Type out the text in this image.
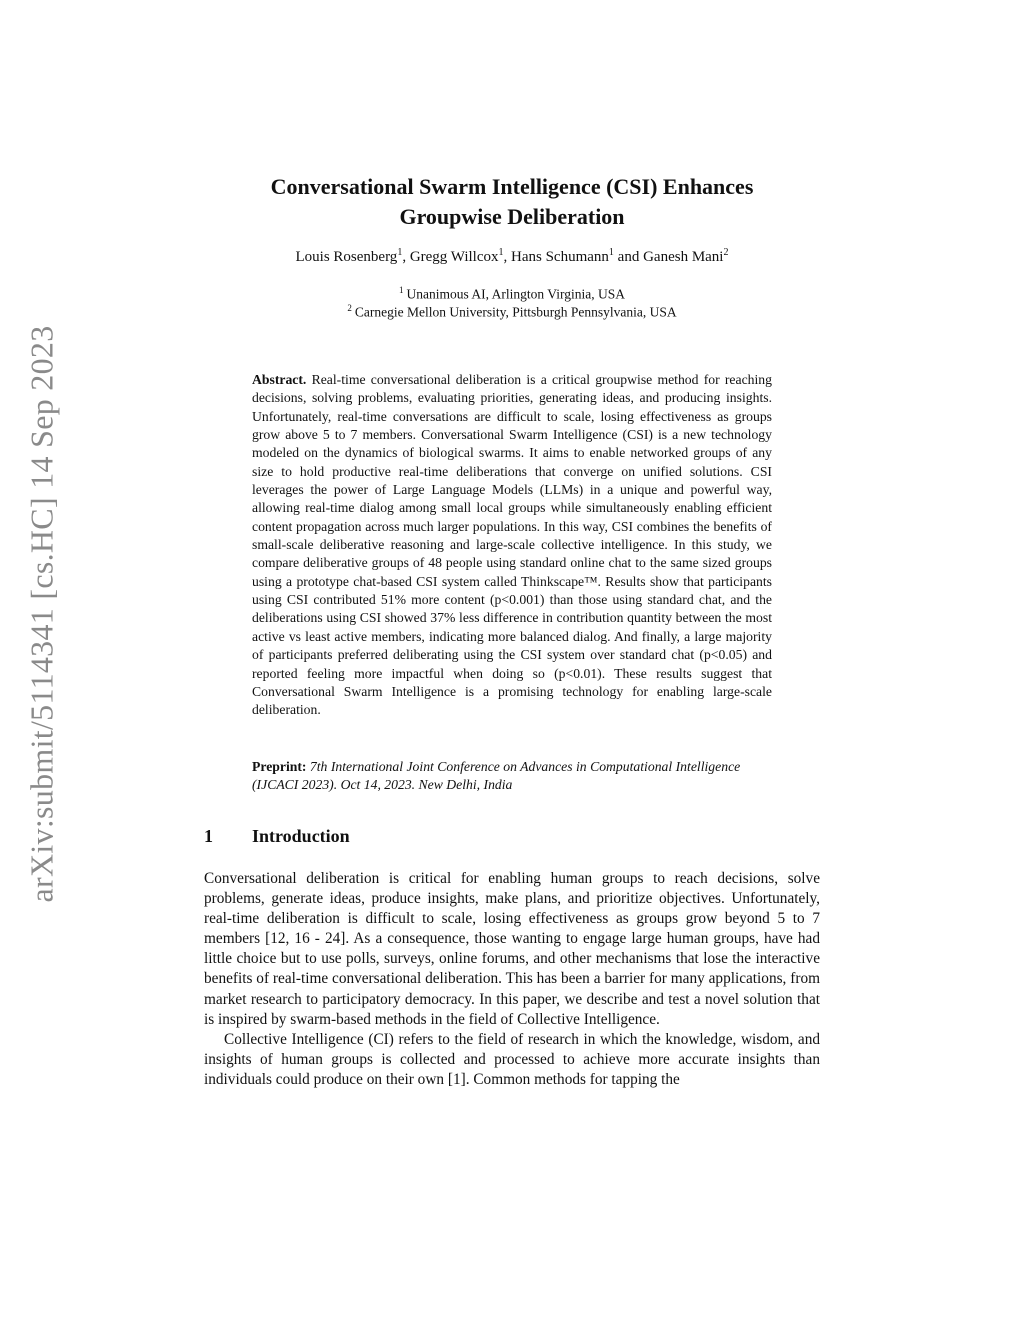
arXiv:submit/5114341 [cs.HC] 14 Sep 2023
Conversational Swarm Intelligence (CSI) Enhances
Groupwise Deliberation
Louis Rosenberg$^1$, Gregg Willcox$^1$, Hans Schumann$^1$ and Ganesh Mani$^2$
$^1$ Unanimous AI, Arlington Virginia, USA
$^2$ Carnegie Mellon University, Pittsburgh Pennsylvania, USA
Abstract. Real-time conversational deliberation is a critical groupwise method for reaching decisions, solving problems, evaluating priorities, generating ideas, and producing insights. Unfortunately, real-time conversations are difficult to scale, losing effectiveness as groups grow above 5 to 7 members. Conversational Swarm Intelligence (CSI) is a new technology modeled on the dynamics of biological swarms. It aims to enable networked groups of any size to hold productive real-time deliberations that converge on unified solutions. CSI leverages the power of Large Language Models (LLMs) in a unique and powerful way, allowing real-time dialog among small local groups while simultaneously enabling efficient content propagation across much larger populations. In this way, CSI combines the benefits of small-scale deliberative reasoning and large-scale collective intelligence. In this study, we compare deliberative groups of 48 people using standard online chat to the same sized groups using a prototype chat-based CSI system called Thinkscape™. Results show that participants using CSI contributed 51% more content (p<0.001) than those using standard chat, and the deliberations using CSI showed 37% less difference in contribution quantity between the most active vs least active members, indicating more balanced dialog. And finally, a large majority of participants preferred deliberating using the CSI system over standard chat (p<0.05) and reported feeling more impactful when doing so (p<0.01). These results suggest that Conversational Swarm Intelligence is a promising technology for enabling large-scale deliberation.
Preprint: 7th International Joint Conference on Advances in Computational Intelligence (IJCACI 2023). Oct 14, 2023. New Delhi, India
1 Introduction

Conversational deliberation is critical for enabling human groups to reach decisions, solve problems, generate ideas, produce insights, make plans, and prioritize objectives. Unfortunately, real-time deliberation is difficult to scale, losing effectiveness as groups grow beyond 5 to 7 members [12, 16 - 24]. As a consequence, those wanting to engage large human groups, have had little choice but to use polls, surveys, online forums, and other mechanisms that lose the interactive benefits of real-time conversational deliberation. This has been a barrier for many applications, from market research to participatory democracy. In this paper, we describe and test a novel solution that is inspired by swarm-based methods in the field of Collective Intelligence.

Collective Intelligence (CI) refers to the field of research in which the knowledge, wisdom, and insights of human groups is collected and processed to achieve more accurate insights than individuals could produce on their own [1]. Common methods for tapping the
